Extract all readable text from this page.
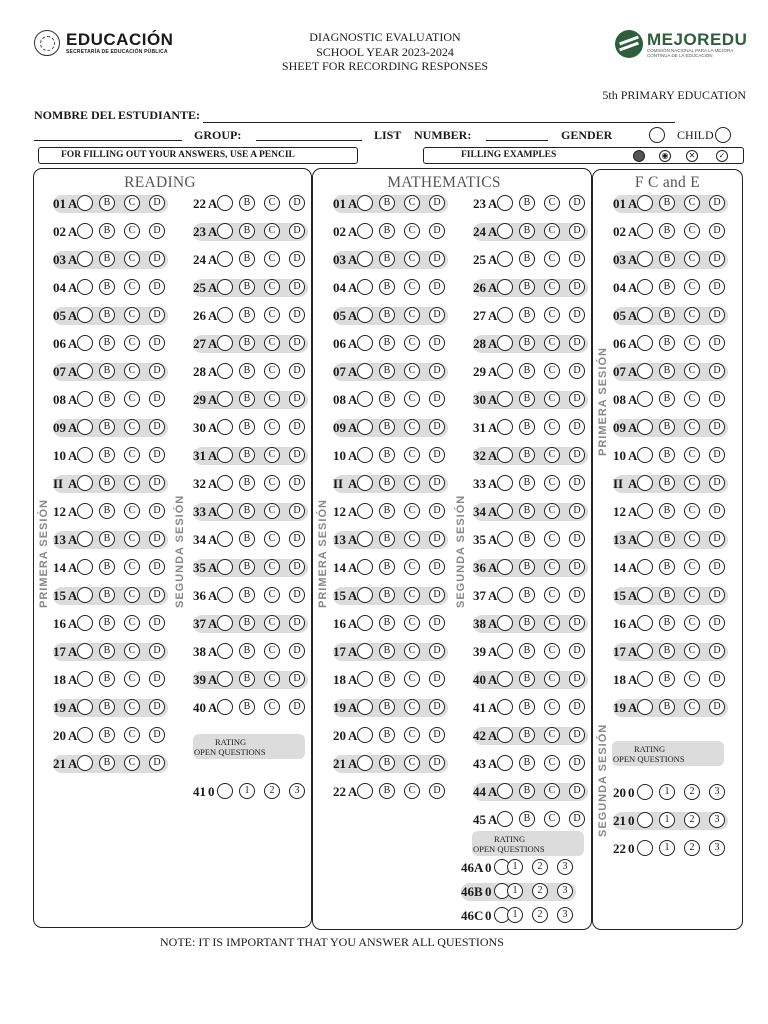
EDUCACIÓN
SECRETARÍA DE EDUCACIÓN PÚBLICA
DIAGNOSTIC EVALUATION
SCHOOL YEAR 2023-2024
SHEET FOR RECORDING RESPONSES
MEJOREDU
COMISIÓN NACIONAL PARA LA MEJORA CONTINUA DE LA EDUCACIÓN
5th PRIMARY EDUCATION
NOMBRE DEL ESTUDIANTE:
GROUP:	LIST NUMBER:	GENDER	CHILD
FOR FILLING OUT YOUR ANSWERS, USE A PENCIL	FILLING EXAMPLES	◉	✕	✓
READING	MATHEMATICS	F C and E
PRIMERA SESIÓN	SEGUNDA SESIÓN	PRIMERA SESIÓN	SEGUNDA SESIÓN
PRIMERA SESIÓN
SEGUNDA SESIÓN
RATING
OPEN QUESTIONS
RATING
OPEN QUESTIONS
RATING
OPEN QUESTIONS
01 A	B	C	D
02 A	B	C	D
03 A	B	C	D
04 A	B	C	D
05 A	B	C	D
06 A	B	C	D
07 A	B	C	D
08 A	B	C	D
09 A	B	C	D
10 A	B	C	D
II A	B	C	D
12 A	B	C	D
13 A	B	C	D
14 A	B	C	D
15 A	B	C	D
16 A	B	C	D
17 A	B	C	D
18 A	B	C	D
19 A	B	C	D
20 A	B	C	D
21 A	B	C	D
22 A	B	C	D
23 A	B	C	D
24 A	B	C	D
25 A	B	C	D
26 A	B	C	D
27 A	B	C	D
28 A	B	C	D
29 A	B	C	D
30 A	B	C	D
31 A	B	C	D
32 A	B	C	D
33 A	B	C	D
34 A	B	C	D
35 A	B	C	D
36 A	B	C	D
37 A	B	C	D
38 A	B	C	D
39 A	B	C	D
40 A	B	C	D
41 0	1	2	3
01 A	B	C	D
02 A	B	C	D
03 A	B	C	D
04 A	B	C	D
05 A	B	C	D
06 A	B	C	D
07 A	B	C	D
08 A	B	C	D
09 A	B	C	D
10 A	B	C	D
II A	B	C	D
12 A	B	C	D
13 A	B	C	D
14 A	B	C	D
15 A	B	C	D
16 A	B	C	D
17 A	B	C	D
18 A	B	C	D
19 A	B	C	D
20 A	B	C	D
21 A	B	C	D
22 A	B	C	D
23 A	B	C	D
24 A	B	C	D
25 A	B	C	D
26 A	B	C	D
27 A	B	C	D
28 A	B	C	D
29 A	B	C	D
30 A	B	C	D
31 A	B	C	D
32 A	B	C	D
33 A	B	C	D
34 A	B	C	D
35 A	B	C	D
36 A	B	C	D
37 A	B	C	D
38 A	B	C	D
39 A	B	C	D
40 A	B	C	D
41 A	B	C	D
42 A	B	C	D
43 A	B	C	D
44 A	B	C	D
45 A	B	C	D
46A 0	1	2	3
46B 0	1	2	3
46C 0	1	2	3
01 A	B	C	D
02 A	B	C	D
03 A	B	C	D
04 A	B	C	D
05 A	B	C	D
06 A	B	C	D
07 A	B	C	D
08 A	B	C	D
09 A	B	C	D
10 A	B	C	D
II A	B	C	D
12 A	B	C	D
13 A	B	C	D
14 A	B	C	D
15 A	B	C	D
16 A	B	C	D
17 A	B	C	D
18 A	B	C	D
19 A	B	C	D
20 0	1	2	3
21 0	1	2	3
22 0	1	2	3
NOTE: IT IS IMPORTANT THAT YOU ANSWER ALL QUESTIONS
